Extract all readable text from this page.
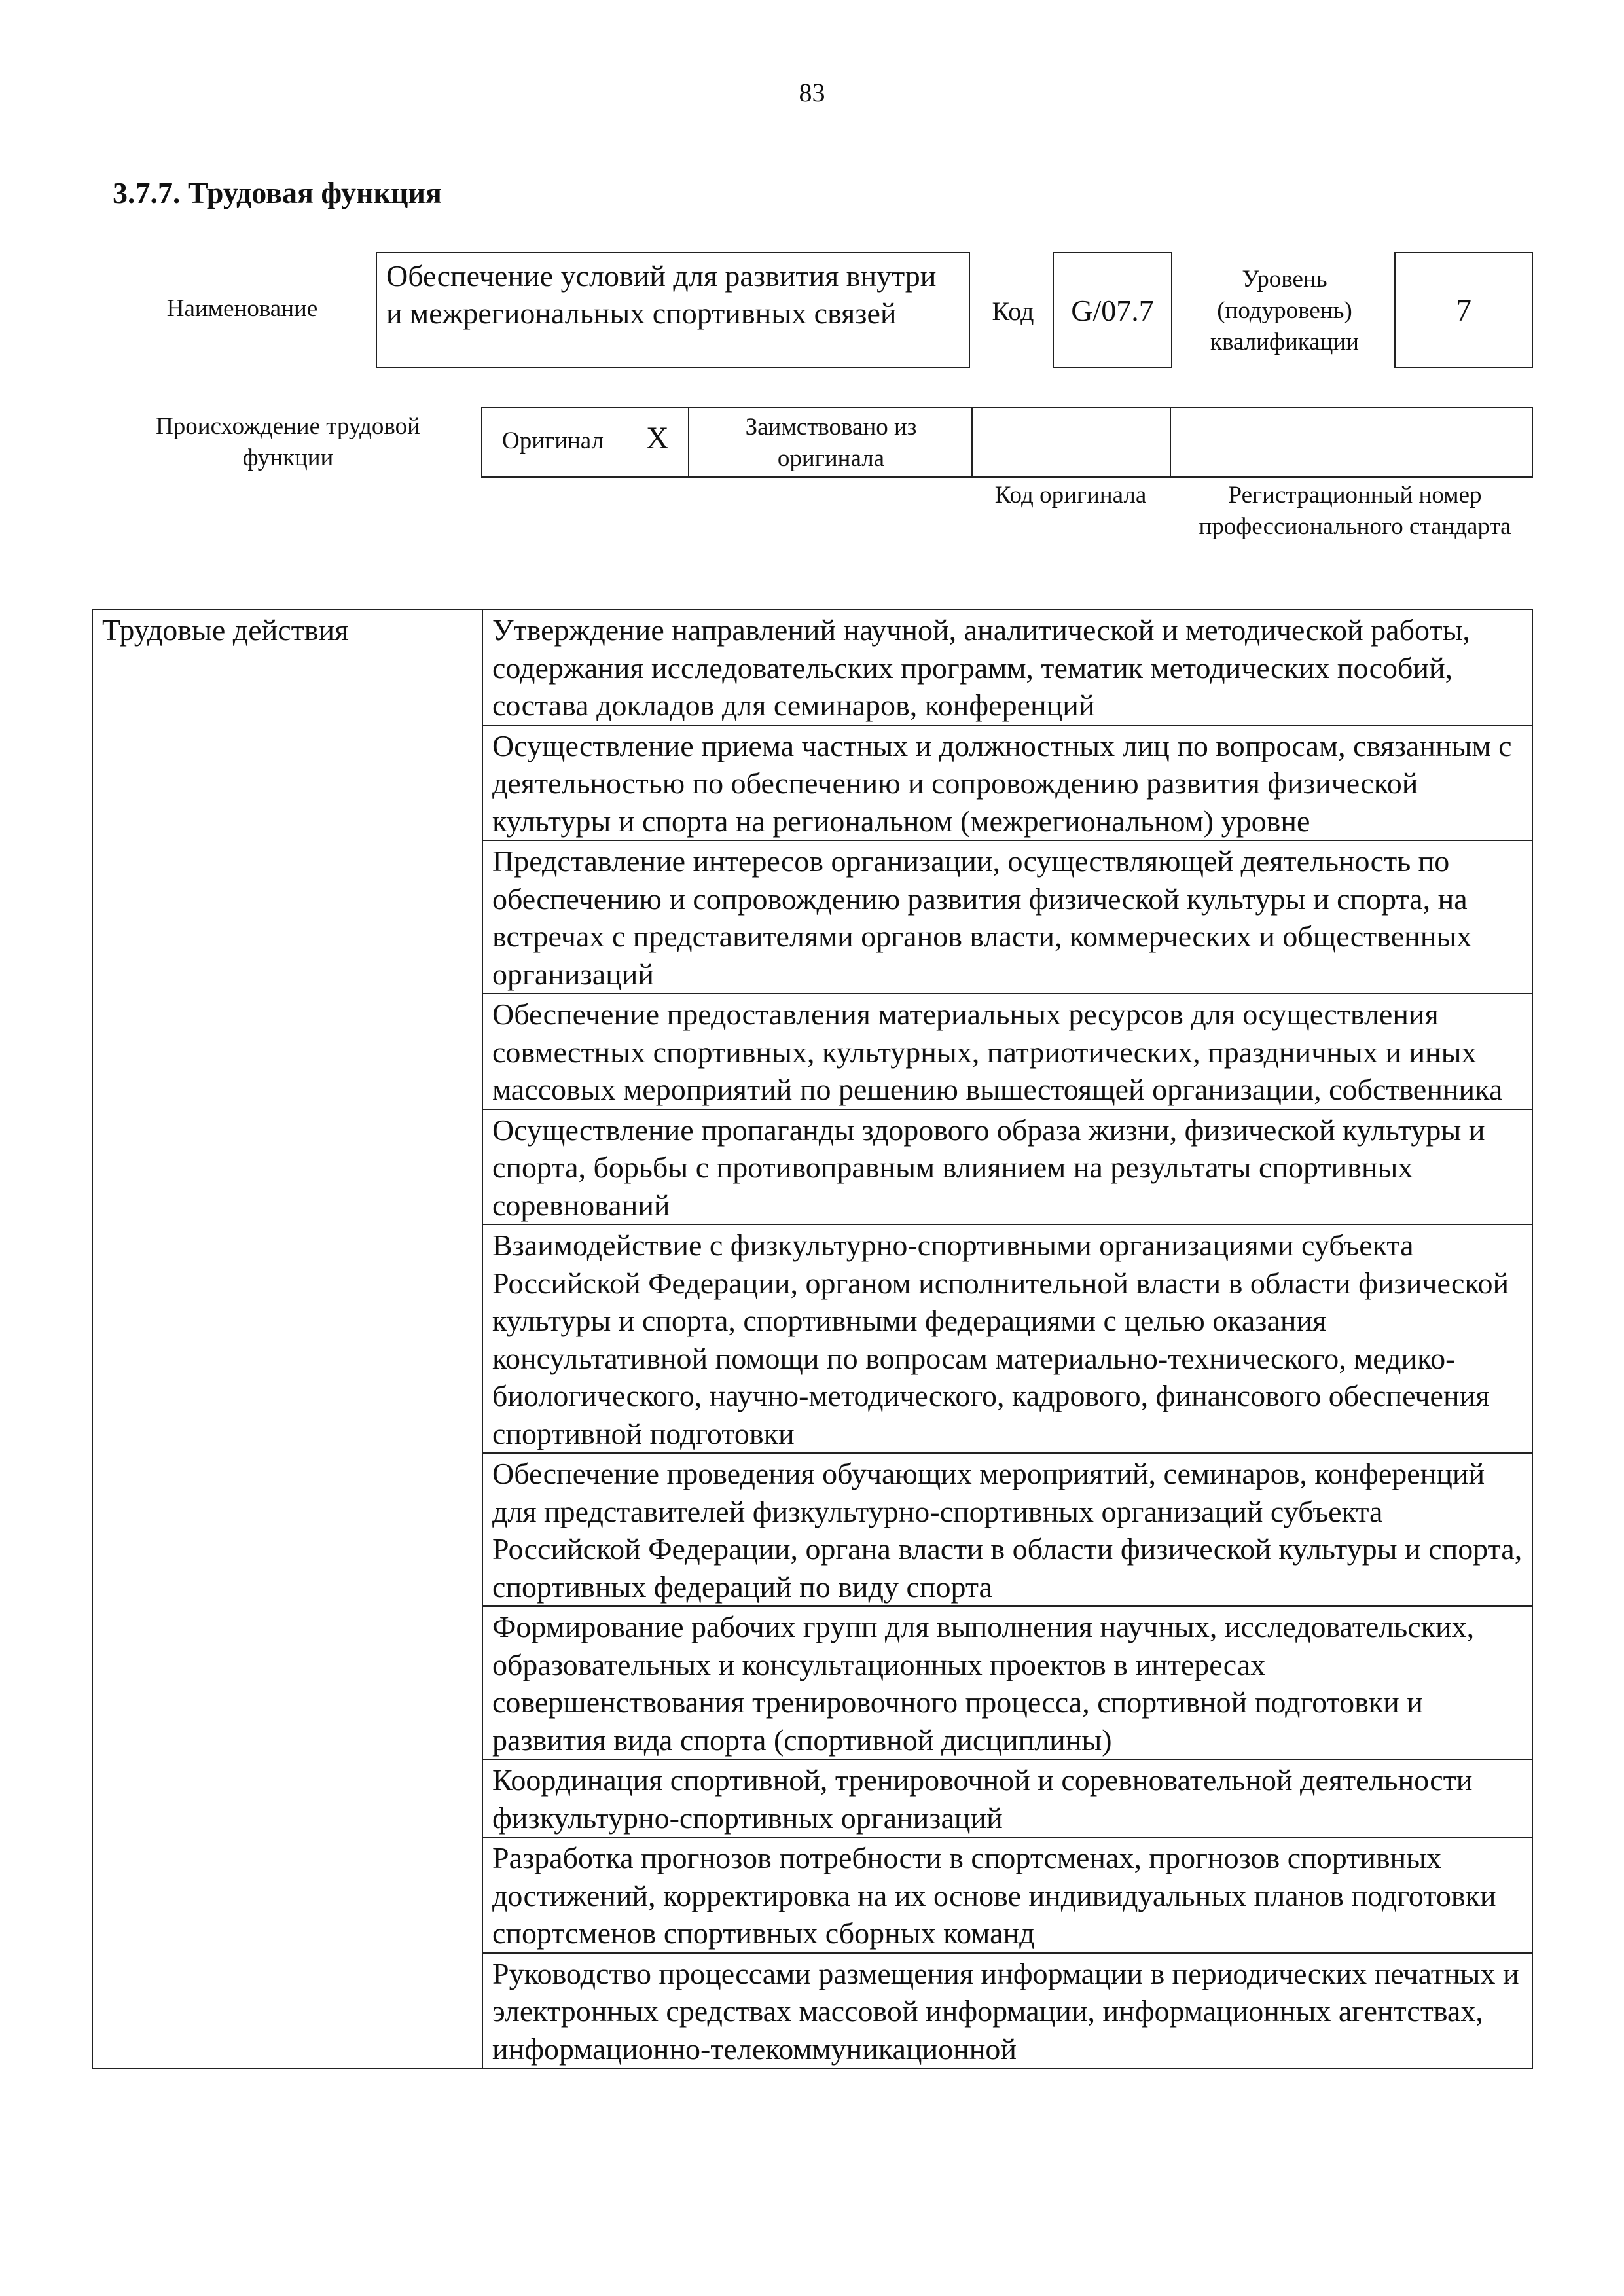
83
3.7.7. Трудовая функция
Наименование
Обеспечение условий для развития внутри и межрегиональных спортивных связей	Код	G/07.7
Уровень (подуровень) квалификации
7
Происхождение трудовой функции
Оригинал X	Заимствовано из оригинала
Код оригинала	Регистрационный номер профессионального стандарта
Трудовые действия	Утверждение направлений научной, аналитической и методической работы, содержания исследовательских программ, тематик методических пособий, состава докладов для семинаров, конференций
Осуществление приема частных и должностных лиц по вопросам, связанным с деятельностью по обеспечению и сопровождению развития физической культуры и спорта на региональном (межрегиональном) уровне
Представление интересов организации, осуществляющей деятельность по обеспечению и сопровождению развития физической культуры и спорта, на встречах с представителями органов власти, коммерческих и общественных организаций
Обеспечение предоставления материальных ресурсов для осуществления совместных спортивных, культурных, патриотических, праздничных и иных массовых мероприятий по решению вышестоящей организации, собственника
Осуществление пропаганды здорового образа жизни, физической культуры и спорта, борьбы с противоправным влиянием на результаты спортивных соревнований
Взаимодействие с физкультурно-спортивными организациями субъекта Российской Федерации, органом исполнительной власти в области физической культуры и спорта, спортивными федерациями с целью оказания консультативной помощи по вопросам материально-технического, медико-биологического, научно-методического, кадрового, финансового обеспечения спортивной подготовки
Обеспечение проведения обучающих мероприятий, семинаров, конференций для представителей физкультурно-спортивных организаций субъекта Российской Федерации, органа власти в области физической культуры и спорта, спортивных федераций по виду спорта
Формирование рабочих групп для выполнения научных, исследовательских, образовательных и консультационных проектов в интересах совершенствования тренировочного процесса, спортивной подготовки и развития вида спорта (спортивной дисциплины)
Координация спортивной, тренировочной и соревновательной деятельности физкультурно-спортивных организаций
Разработка прогнозов потребности в спортсменах, прогнозов спортивных достижений, корректировка на их основе индивидуальных планов подготовки спортсменов спортивных сборных команд
Руководство процессами размещения информации в периодических печатных и электронных средствах массовой информации, информационных агентствах, информационно-телекоммуникационной
